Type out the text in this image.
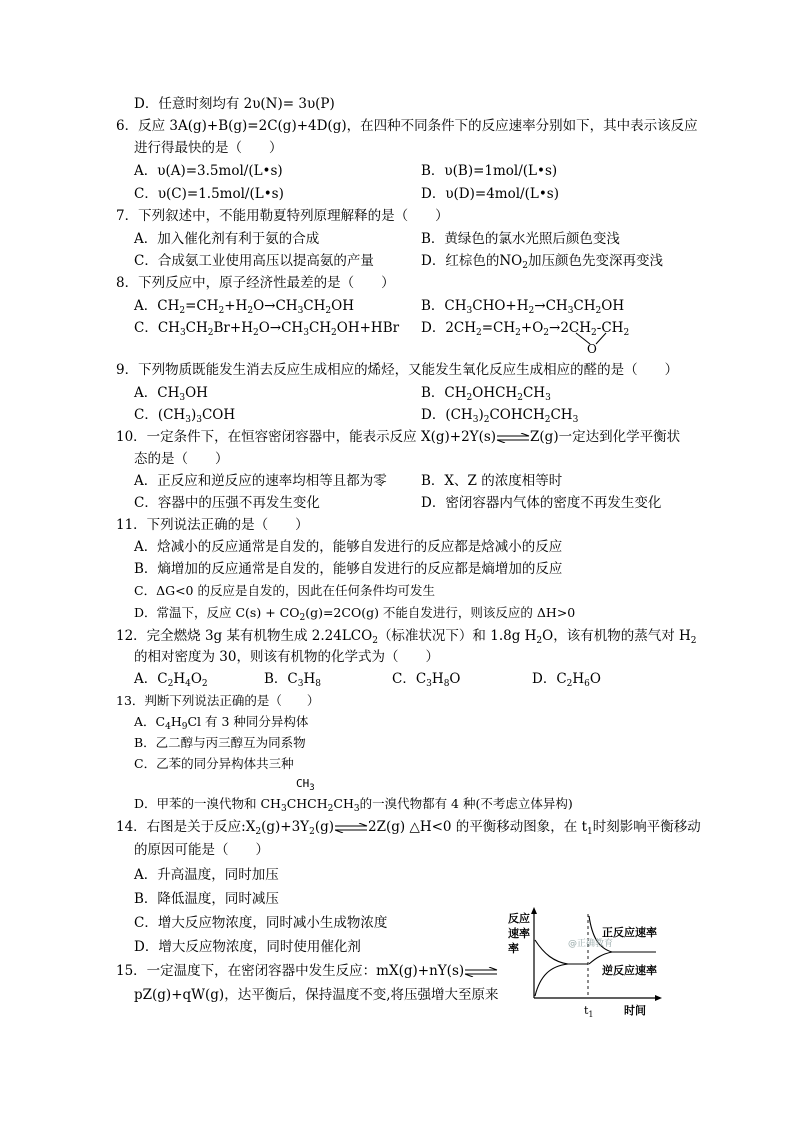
D．任意时刻均有 2υ(N)= 3υ(P)
6．反应 3A(g)+B(g)=2C(g)+4D(g)，在四种不同条件下的反应速率分别如下，其中表示该反应
进行得最快的是（　　）
A．υ(A)=3.5mol/(L•s)	B．υ(B)=1mol/(L•s)
C．υ(C)=1.5mol/(L•s)	D．υ(D)=4mol/(L•s)
7．下列叙述中，不能用勒夏特列原理解释的是（　　）
A．加入催化剂有利于氨的合成	B．黄绿色的氯水光照后颜色变浅
C．合成氨工业使用高压以提高氨的产量	D．红棕色的$NO_2$加压颜色先变深再变浅
8．下列反应中，原子经济性最差的是（　　）
A．$CH_2=CH_2+H_2O\to CH_3CH_2OH$	B．$CH_3CHO+H_2\to CH_3CH_2OH$
C．$CH_3CH_2Br+H_2O\to CH_3CH_2OH+HBr$ D．$2CH_2=CH_2+O_2\to 2CH_2-CH_2$
O
9．下列物质既能发生消去反应生成相应的烯烃，又能发生氧化反应生成相应的醛的是（　　）
A．$CH_3OH$	B．$CH_2OHCH_2CH_3$
C．$(CH_3)_3COH$	D．$(CH_3)_2COHCH_2CH_3$
10．一定条件下，在恒容密闭容器中，能表示反应 X(g)+2Y(s)⇌Z(g)一定达到化学平衡状
态的是（　　）
A．正反应和逆反应的速率均相等且都为零	B．X、Z 的浓度相等时
C．容器中的压强不再发生变化	D．密闭容器内气体的密度不再发生变化
11．下列说法正确的是（　　）
A．焓减小的反应通常是自发的，能够自发进行的反应都是焓减小的反应
B．熵增加的反应通常是自发的，能够自发进行的反应都是熵增加的反应
C．ΔG<0 的反应是自发的，因此在任何条件均可发生
D．常温下，反应 $C(s) + CO_2(g)=2CO(g)$ 不能自发进行，则该反应的 ΔH>0
12．完全燃烧 3g 某有机物生成 $2.24LCO_2$（标准状况下）和 1.8g $H_2O$，该有机物的蒸气对 $H_2$
的相对密度为 30，则该有机物的化学式为（　　）
A．$C_2H_4O_2$	B．$C_3H_8$	C．$C_3H_8O$	D．$C_2H_6O$
13．判断下列说法正确的是（　　）
A．$C_4H_9Cl$ 有 3 种同分异构体
B．乙二醇与丙三醇互为同系物
C．乙苯的同分异构体共三种
$CH_3$
D．甲苯的一溴代物和 $CH_3CHCH_2CH_3$的一溴代物都有 4 种(不考虑立体异构)
14．右图是关于反应$:X_2(g)+3Y_2(g)\rightleftharpoons 2Z(g)$ △H<0 的平衡移动图象，在 $t_1$时刻影响平衡移动
的原因可能是（　　）
A．升高温度，同时加压
B．降低温度，同时减压
C．增大反应物浓度，同时减小生成物浓度
D．增大反应物浓度，同时使用催化剂
15．一定温度下，在密闭容器中发生反应：mX(g)+nY(s)⇌
pZ(g)+qW(g)，达平衡后，保持温度不变,将压强增大至原来
反应
速率
率
正反应速率
逆反应速率
@正确教育
$t_1$	时间
